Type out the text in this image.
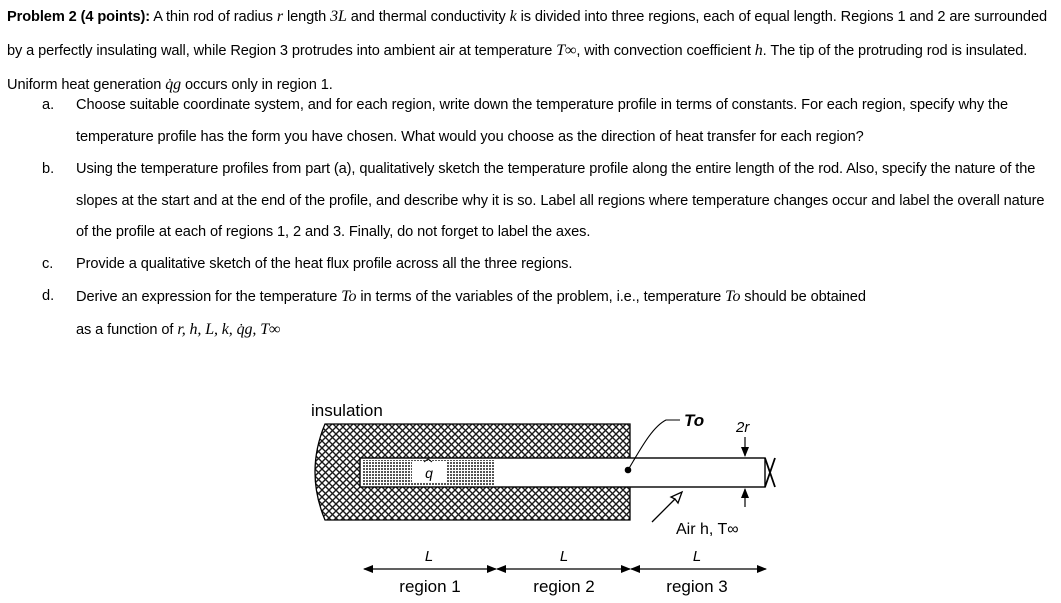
Problem 2 (4 points): A thin rod of radius r length 3L and thermal conductivity k is divided into three regions, each of equal length. Regions 1 and 2 are surrounded by a perfectly insulating wall, while Region 3 protrudes into ambient air at temperature T∞, with convection coefficient h. The tip of the protruding rod is insulated. Uniform heat generation q̇g occurs only in region 1.
a. Choose suitable coordinate system, and for each region, write down the temperature profile in terms of constants. For each region, specify why the temperature profile has the form you have chosen. What would you choose as the direction of heat transfer for each region?
b. Using the temperature profiles from part (a), qualitatively sketch the temperature profile along the entire length of the rod. Also, specify the nature of the slopes at the start and at the end of the profile, and describe why it is so. Label all regions where temperature changes occur and label the overall nature of the profile at each of regions 1, 2 and 3. Finally, do not forget to label the axes.
c. Provide a qualitative sketch of the heat flux profile across all the three regions.
d. Derive an expression for the temperature To in terms of the variables of the problem, i.e., temperature To should be obtained
as a function of r, h, L, k, q̇g, T∞
insulation
q
To 2r
Air h, T∞
L	L	L
region 1	region 2	region 3
